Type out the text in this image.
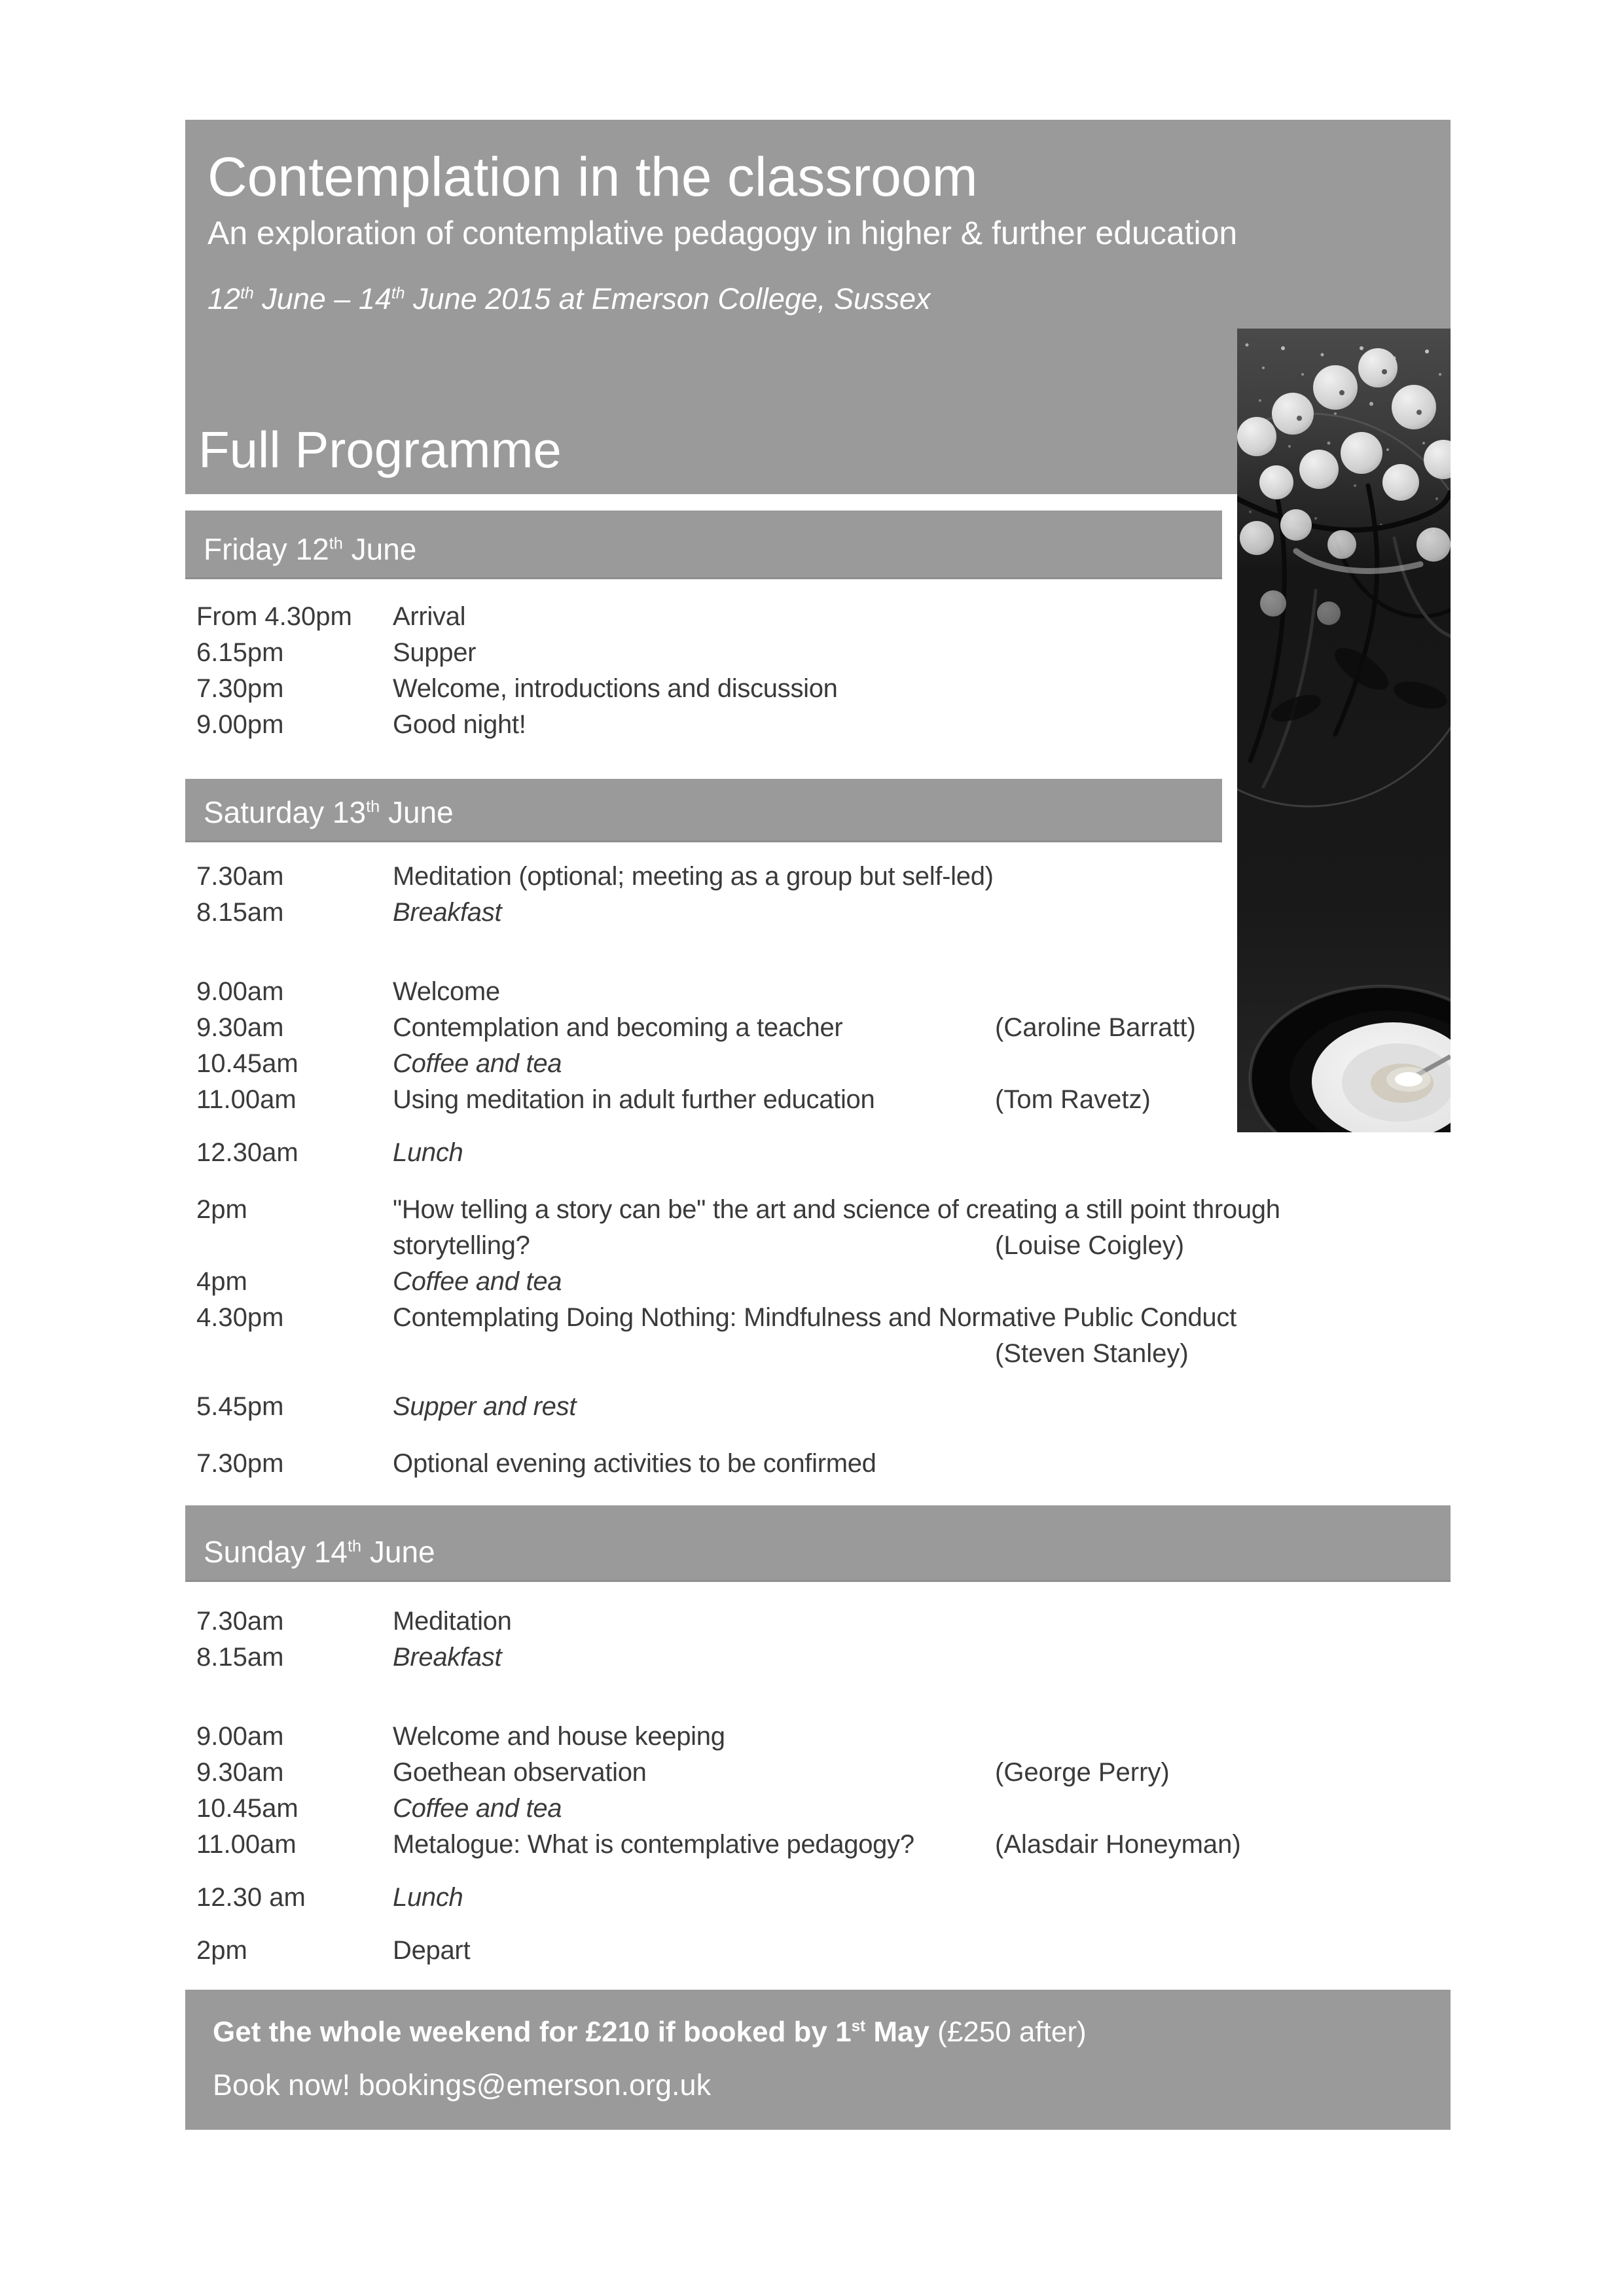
Contemplation in the classroom
An exploration of contemplative pedagogy in higher & further education
12th June – 14th June 2015 at Emerson College, Sussex
Full Programme
Friday 12th June
From 4.30pm	Arrival
6.15pm	Supper
7.30pm	Welcome, introductions and discussion
9.00pm	Good night!
Saturday 13th June
7.30am	Meditation (optional; meeting as a group but self-led)
8.15am	Breakfast
9.00am	Welcome
9.30am	Contemplation and becoming a teacher	(Caroline Barratt)
10.45am	Coffee and tea
11.00am	Using meditation in adult further education	(Tom Ravetz)
12.30am	Lunch
2pm	"How telling a story can be" the art and science of creating a still point through
storytelling?	(Louise Coigley)
4pm	Coffee and tea
4.30pm	Contemplating Doing Nothing: Mindfulness and Normative Public Conduct
(Steven Stanley)
5.45pm	Supper and rest
7.30pm	Optional evening activities to be confirmed
Sunday 14th June
7.30am	Meditation
8.15am	Breakfast
9.00am	Welcome and house keeping
9.30am	Goethean observation	(George Perry)
10.45am	Coffee and tea
11.00am	Metalogue: What is contemplative pedagogy?	(Alasdair Honeyman)
12.30 am	Lunch
2pm	Depart
Get the whole weekend for £210 if booked by 1st May (£250 after)
Book now! bookings@emerson.org.uk
